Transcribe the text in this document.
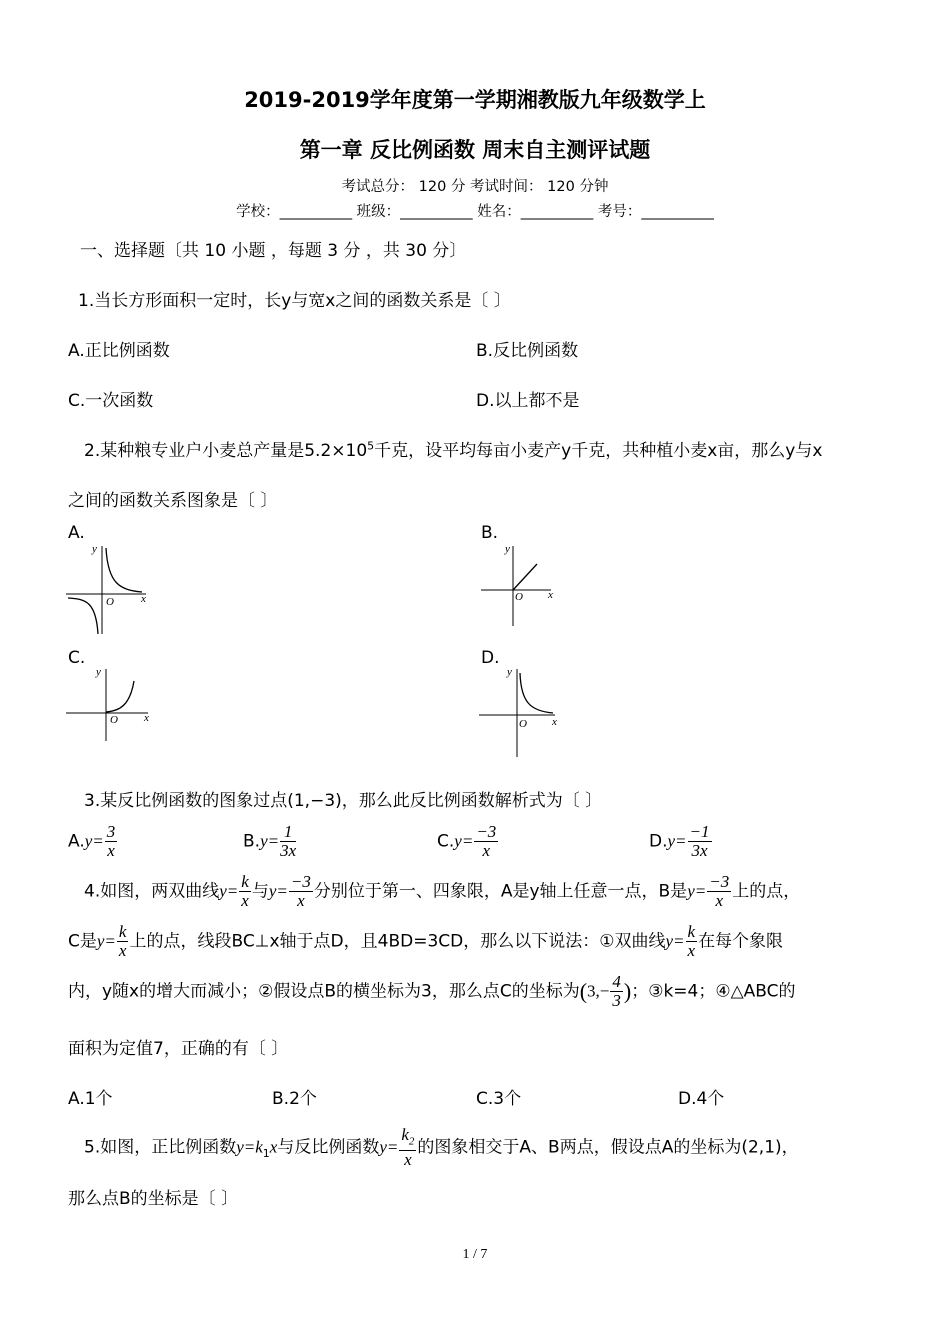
2019-2019学年度第一学期湘教版九年级数学上
第一章 反比例函数 周末自主测评试题
考试总分： 120 分 考试时间： 120 分钟
学校：__________ 班级：__________ 姓名：__________ 考号：__________
一、选择题〔共 10 小题 ，每题 3 分 ，共 30 分〕
1.当长方形面积一定时，长y与宽x之间的函数关系是〔 〕
A.正比例函数	B.反比例函数
C.一次函数	D.以上都不是
2.某种粮专业户小麦总产量是$5.2\times 10^5$千克，设平均每亩小麦产y千克，共种植小麦x亩，那么y与x
之间的函数关系图象是〔 〕
A.	B.
C.	D.
y
x
O
y
x
O
y
x
O
y
x
O
3.某反比例函数的图象过点(1,−3)，那么此反比例函数解析式为〔 〕
$A.y= \frac{3}{x}$	$B.y= \frac{1}{3x}$	$C.y= \frac{-3}{x}$	$D.y= \frac{-1}{3x}$
4.如图，两双曲线$y= \frac{k}{x}$ 与$y= \frac{-3}{x}$ 分别位于第一、四象限，A是y轴上任意一点，B是$y= \frac{-3}{x}$ 上的点，
C是$y= \frac{k}{x}$ 上的点，线段BC⊥x轴于点D，且4BD=3CD，那么以下说法：①双曲线$y= \frac{k}{x}$ 在每个象限
内，y随x的增大而减小；②假设点B的横坐标为3，那么点C的坐标为($3,- \frac{4}{3}$ )；③k=4；④△ABC的
面积为定值7，正确的有〔 〕
A.1个	B.2个	C.3个	D.4个
5.如图，正比例函数$y=k_1x$与反比例函数$y= \frac{k_2}{x}$ 的图象相交于A、B两点，假设点A的坐标为(2,1)，
那么点B的坐标是〔 〕
1 / 7
